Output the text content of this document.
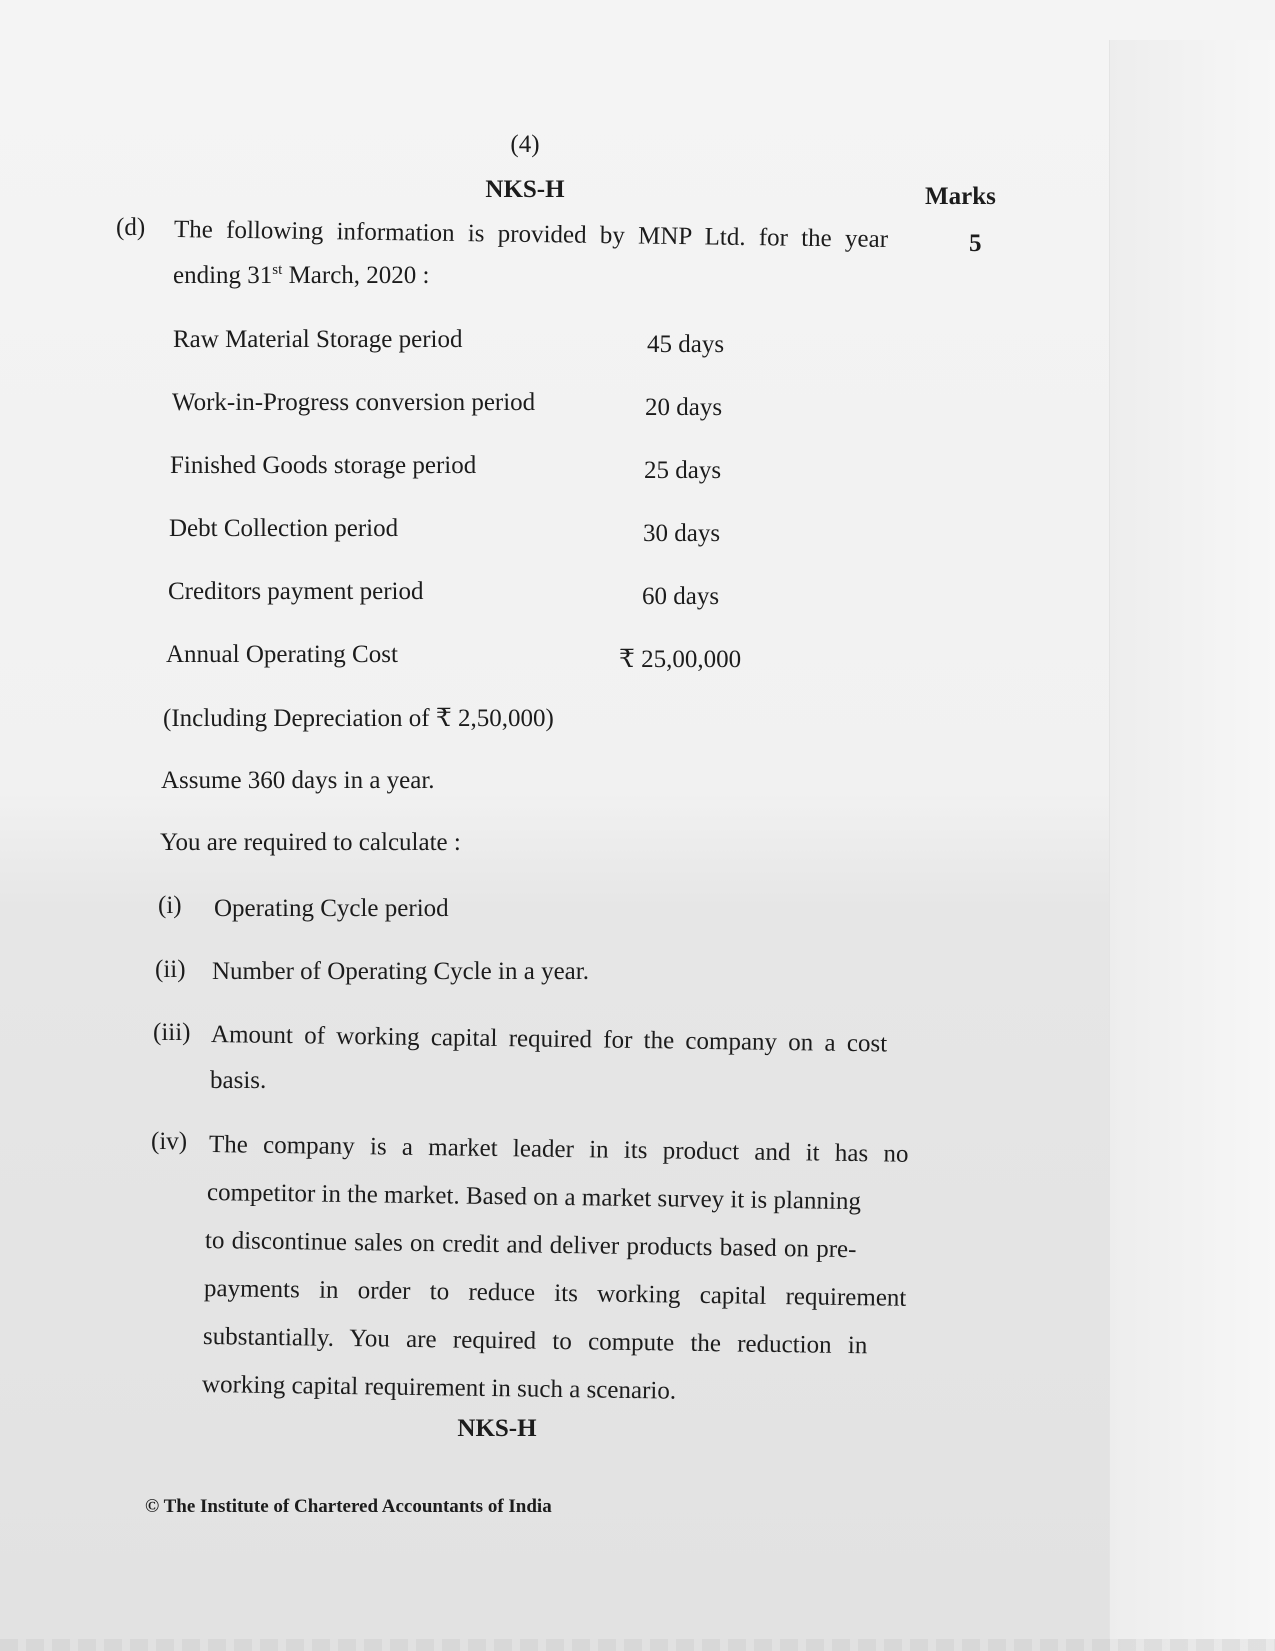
(4)
NKS-H	Marks
(d)
5
The following information is provided by MNP Ltd. for the year
ending 31st March, 2020 :
Raw Material Storage period	45 days
Work-in-Progress conversion period	20 days
Finished Goods storage period	25 days
Debt Collection period	30 days
Creditors payment period	60 days
Annual Operating Cost	₹ 25,00,000
(Including Depreciation of ₹ 2,50,000)
Assume 360 days in a year.
You are required to calculate :
(i) Operating Cycle period
(ii) Number of Operating Cycle in a year.
(iii) Amount of working capital required for the company on a cost
basis.
(iv) The company is a market leader in its product and it has no
competitor in the market. Based on a market survey it is planning
to discontinue sales on credit and deliver products based on pre-
payments in order to reduce its working capital requirement
substantially. You are required to compute the reduction in
working capital requirement in such a scenario.
NKS-H
© The Institute of Chartered Accountants of India
